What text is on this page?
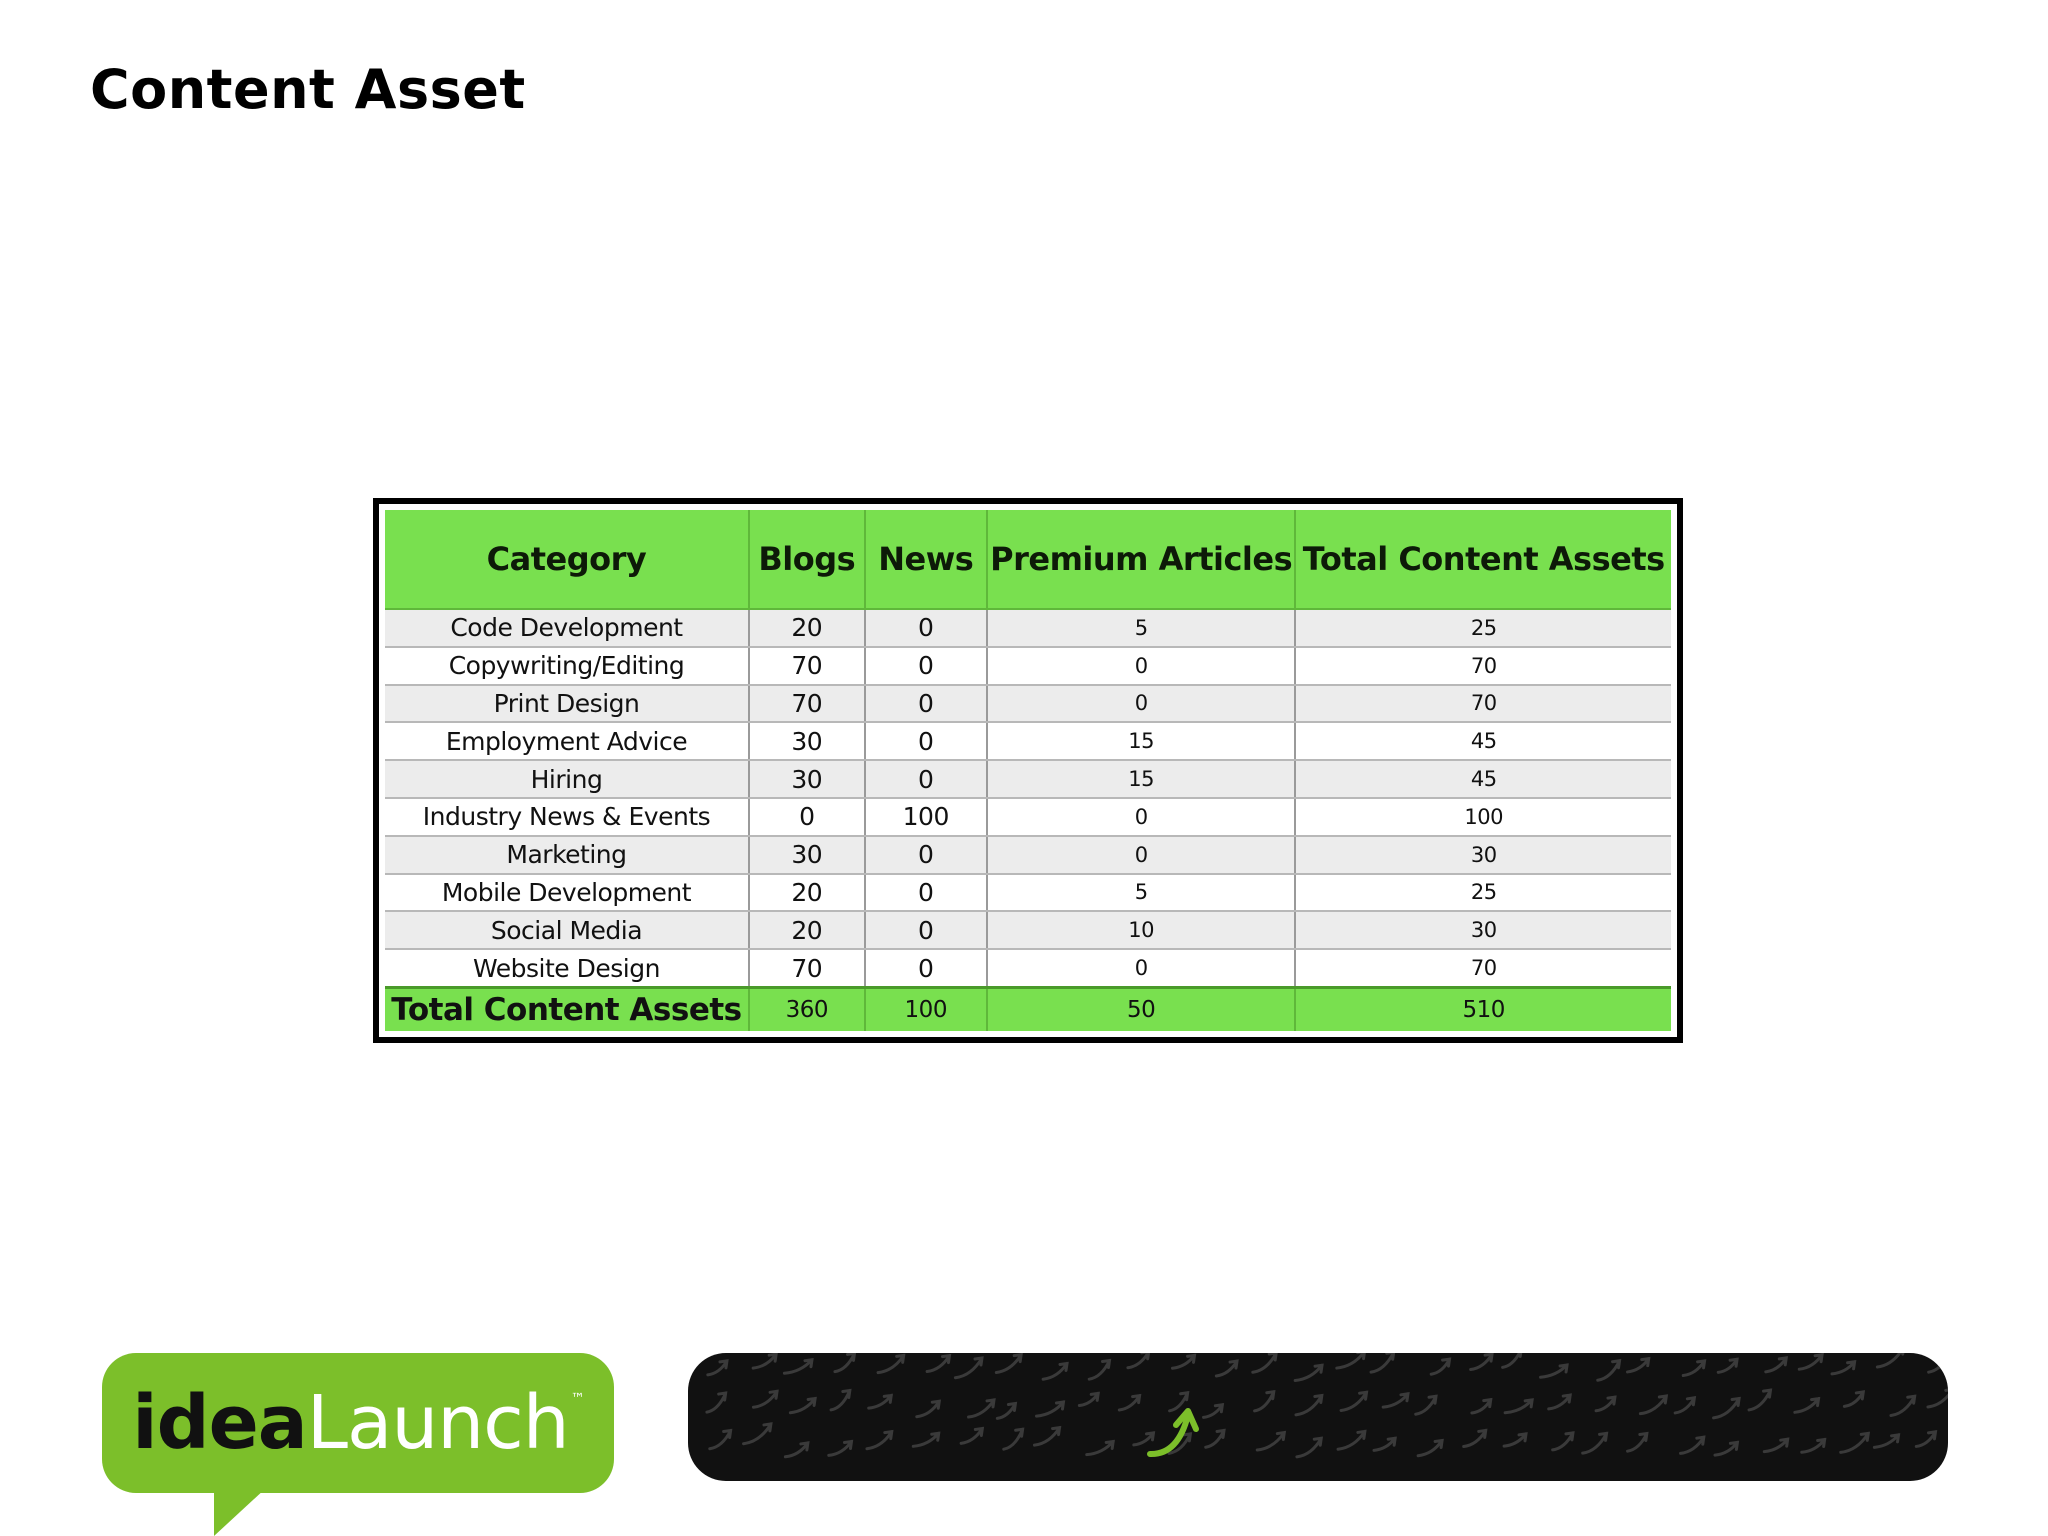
Content Asset
Category	Blogs	News	Premium Articles	Total Content Assets
Code Development	20	0	5	25
Copywriting/Editing	70	0	0	70
Print Design	70	0	0	70
Employment Advice	30	0	15	45
Hiring	30	0	15	45
Industry News & Events	0	100	0	100
Marketing	30	0	0	30
Mobile Development	20	0	5	25
Social Media	20	0	10	30
Website Design	70	0	0	70
Total Content Assets	360	100	50	510
idea Launch ™
